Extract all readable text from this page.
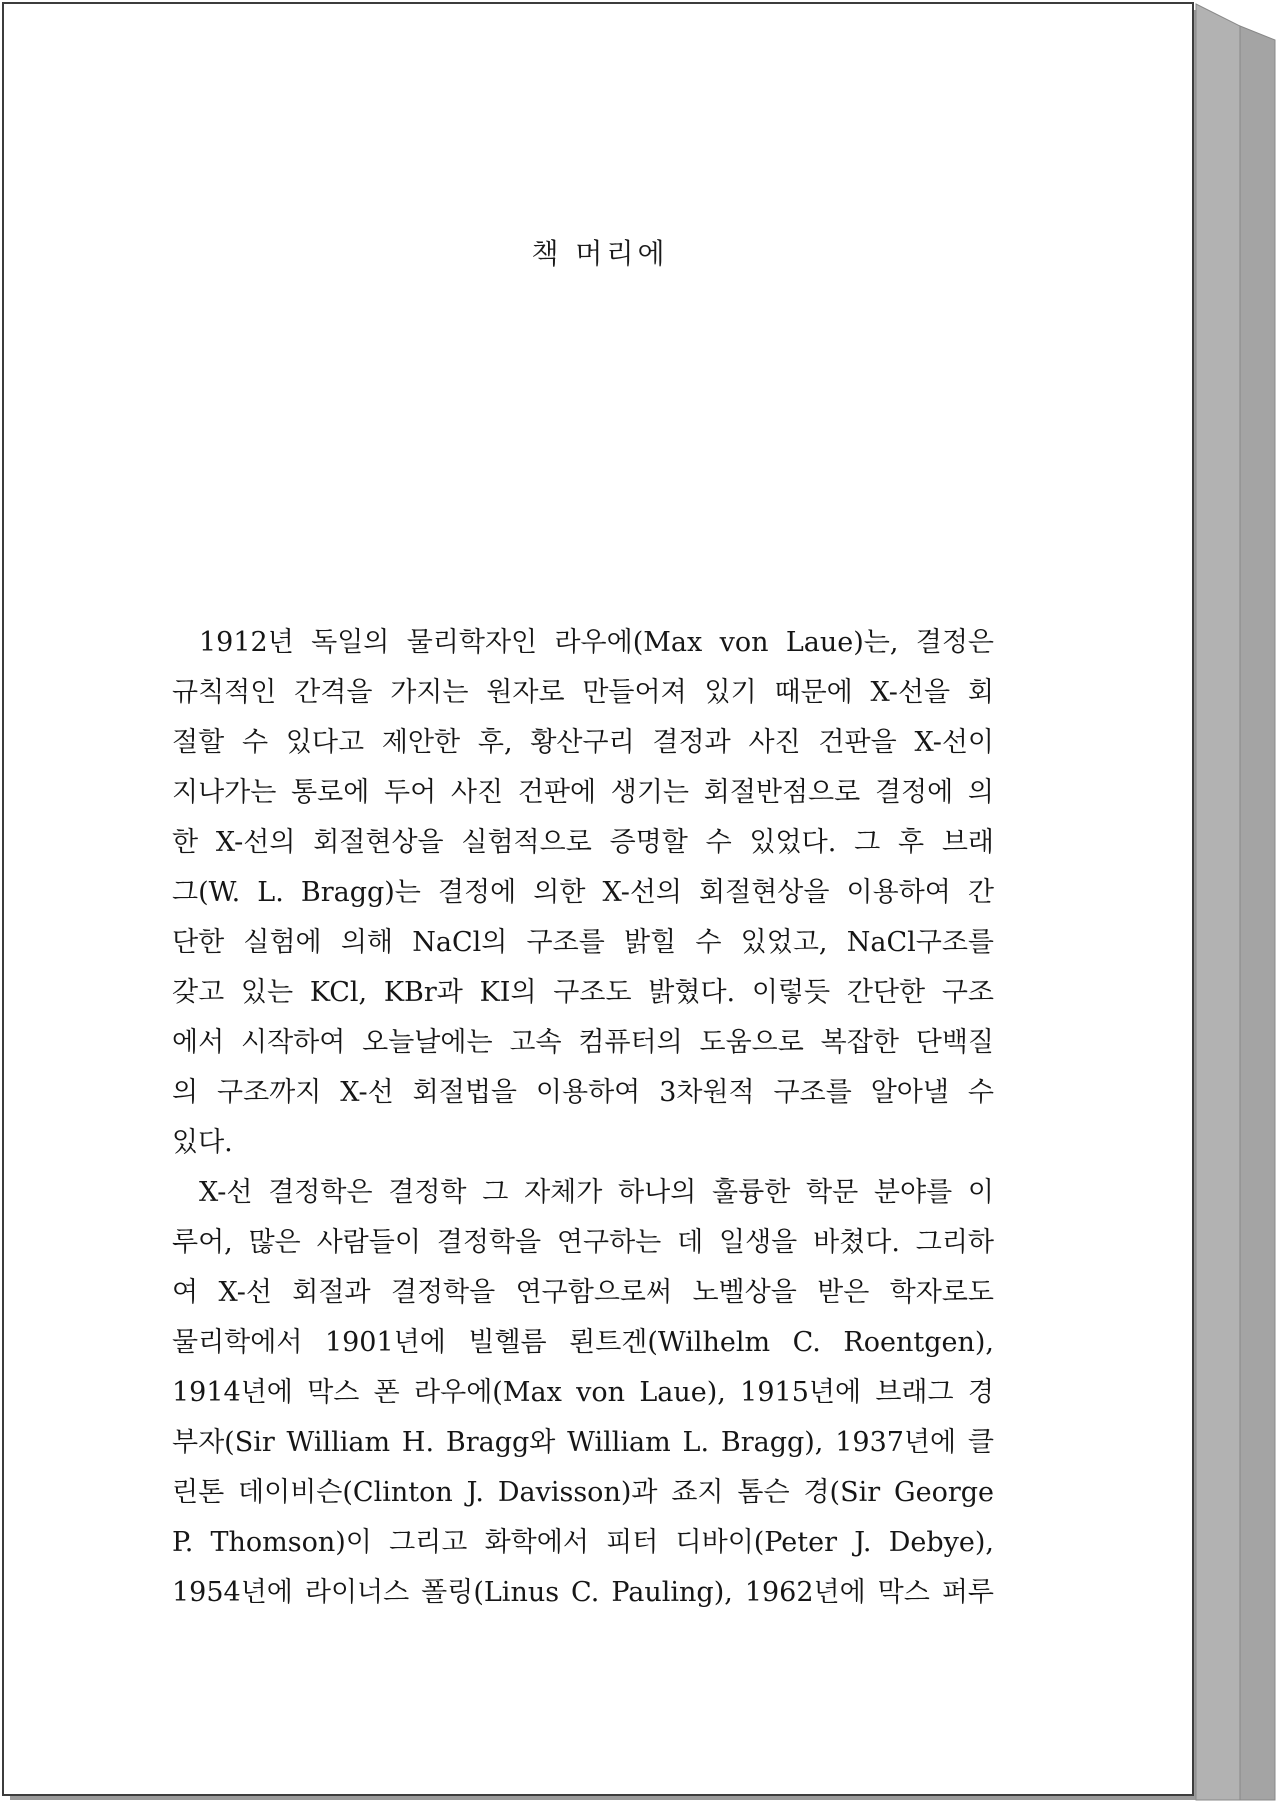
책 머리에
1912년 독일의 물리학자인 라우에(Max von Laue)는, 결정은
규칙적인 간격을 가지는 원자로 만들어져 있기 때문에 X-선을 회
절할 수 있다고 제안한 후, 황산구리 결정과 사진 건판을 X-선이
지나가는 통로에 두어 사진 건판에 생기는 회절반점으로 결정에 의
한 X-선의 회절현상을 실험적으로 증명할 수 있었다. 그 후 브래
그(W. L. Bragg)는 결정에 의한 X-선의 회절현상을 이용하여 간
단한 실험에 의해 NaCl의 구조를 밝힐 수 있었고, NaCl구조를
갖고 있는 KCl, KBr과 KI의 구조도 밝혔다. 이렇듯 간단한 구조
에서 시작하여 오늘날에는 고속 컴퓨터의 도움으로 복잡한 단백질
의 구조까지 X-선 회절법을 이용하여 3차원적 구조를 알아낼 수
있다.
X-선 결정학은 결정학 그 자체가 하나의 훌륭한 학문 분야를 이
루어, 많은 사람들이 결정학을 연구하는 데 일생을 바쳤다. 그리하
여 X-선 회절과 결정학을 연구함으로써 노벨상을 받은 학자로도
물리학에서 1901년에 빌헬름 뢴트겐(Wilhelm C. Roentgen),
1914년에 막스 폰 라우에(Max von Laue), 1915년에 브래그 경
부자(Sir William H. Bragg와 William L. Bragg), 1937년에 클
린톤 데이비슨(Clinton J. Davisson)과 죠지 톰슨 경(Sir George
P. Thomson)이 그리고 화학에서 피터 디바이(Peter J. Debye),
1954년에 라이너스 폴링(Linus C. Pauling), 1962년에 막스 퍼루
